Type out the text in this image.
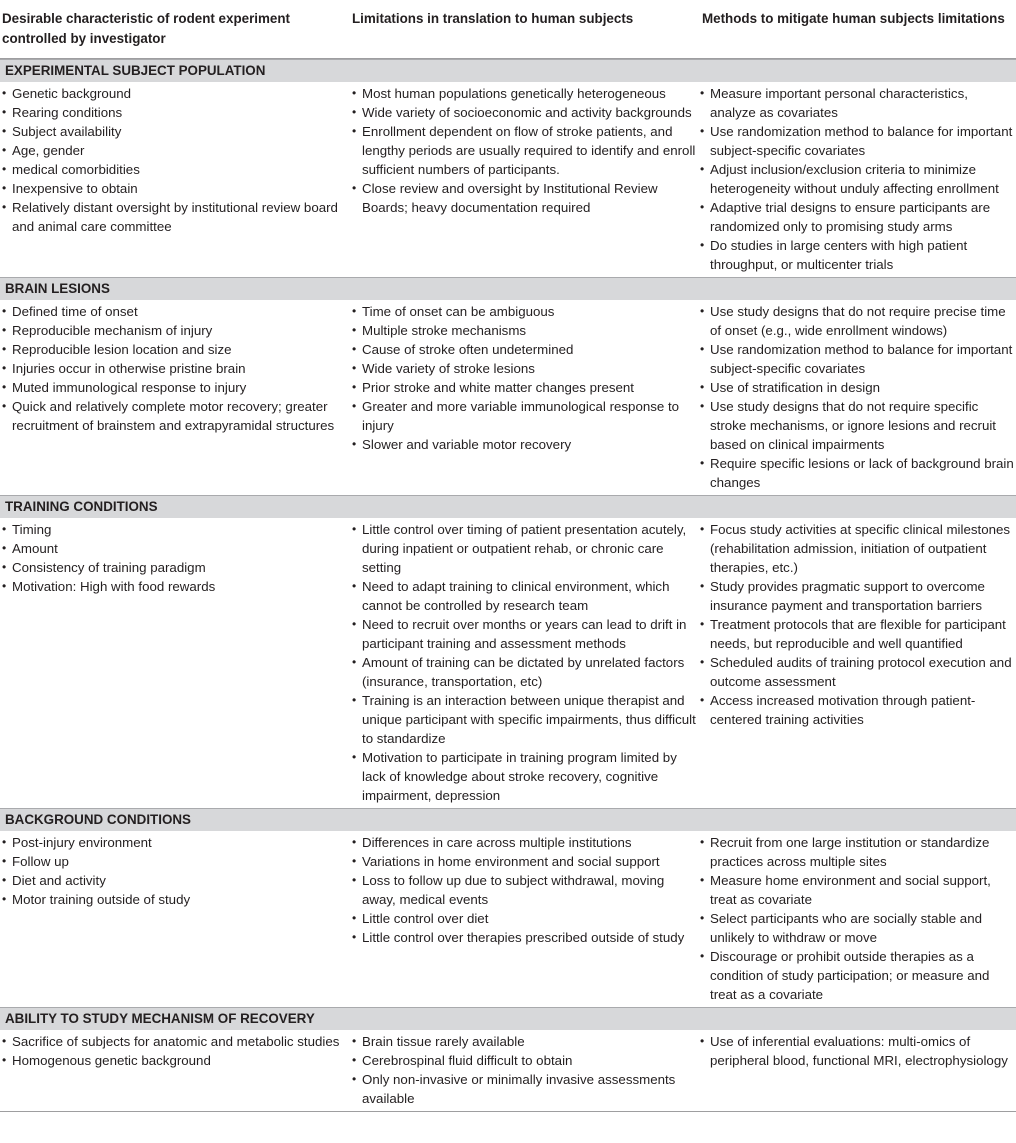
Desirable characteristic of rodent experiment controlled by investigator
Limitations in translation to human subjects	Methods to mitigate human subjects limitations
EXPERIMENTAL SUBJECT POPULATION
• Genetic background
• Rearing conditions
• Subject availability
• Age, gender
• medical comorbidities
• Inexpensive to obtain
• Relatively distant oversight by institutional review board and animal care committee
• Most human populations genetically heterogeneous
• Wide variety of socioeconomic and activity backgrounds
• Enrollment dependent on flow of stroke patients, and lengthy periods are usually required to identify and enroll sufficient numbers of participants.
• Close review and oversight by Institutional Review Boards; heavy documentation required
• Measure important personal characteristics, analyze as covariates
• Use randomization method to balance for important subject-specific covariates
• Adjust inclusion/exclusion criteria to minimize heterogeneity without unduly affecting enrollment
• Adaptive trial designs to ensure participants are randomized only to promising study arms
• Do studies in large centers with high patient throughput, or multicenter trials
BRAIN LESIONS
• Defined time of onset
• Reproducible mechanism of injury
• Reproducible lesion location and size
• Injuries occur in otherwise pristine brain
• Muted immunological response to injury
• Quick and relatively complete motor recovery; greater recruitment of brainstem and extrapyramidal structures
• Time of onset can be ambiguous
• Multiple stroke mechanisms
• Cause of stroke often undetermined
• Wide variety of stroke lesions
• Prior stroke and white matter changes present
• Greater and more variable immunological response to injury
• Slower and variable motor recovery
• Use study designs that do not require precise time of onset (e.g., wide enrollment windows)
• Use randomization method to balance for important subject-specific covariates
• Use of stratification in design
• Use study designs that do not require specific stroke mechanisms, or ignore lesions and recruit based on clinical impairments
• Require specific lesions or lack of background brain changes
TRAINING CONDITIONS
• Timing
• Amount
• Consistency of training paradigm
• Motivation: High with food rewards
• Little control over timing of patient presentation acutely, during inpatient or outpatient rehab, or chronic care setting
• Need to adapt training to clinical environment, which cannot be controlled by research team
• Need to recruit over months or years can lead to drift in participant training and assessment methods
• Amount of training can be dictated by unrelated factors (insurance, transportation, etc)
• Training is an interaction between unique therapist and unique participant with specific impairments, thus difficult to standardize
• Motivation to participate in training program limited by lack of knowledge about stroke recovery, cognitive impairment, depression
• Focus study activities at specific clinical milestones (rehabilitation admission, initiation of outpatient therapies, etc.)
• Study provides pragmatic support to overcome insurance payment and transportation barriers
• Treatment protocols that are flexible for participant needs, but reproducible and well quantified
• Scheduled audits of training protocol execution and outcome assessment
• Access increased motivation through patient-centered training activities
BACKGROUND CONDITIONS
• Post-injury environment
• Follow up
• Diet and activity
• Motor training outside of study
• Differences in care across multiple institutions
• Variations in home environment and social support
• Loss to follow up due to subject withdrawal, moving away, medical events
• Little control over diet
• Little control over therapies prescribed outside of study
• Recruit from one large institution or standardize practices across multiple sites
• Measure home environment and social support, treat as covariate
• Select participants who are socially stable and unlikely to withdraw or move
• Discourage or prohibit outside therapies as a condition of study participation; or measure and treat as a covariate
ABILITY TO STUDY MECHANISM OF RECOVERY
• Sacrifice of subjects for anatomic and metabolic studies
• Homogenous genetic background
• Brain tissue rarely available
• Cerebrospinal fluid difficult to obtain
• Only non-invasive or minimally invasive assessments available
• Use of inferential evaluations: multi-omics of peripheral blood, functional MRI, electrophysiology
